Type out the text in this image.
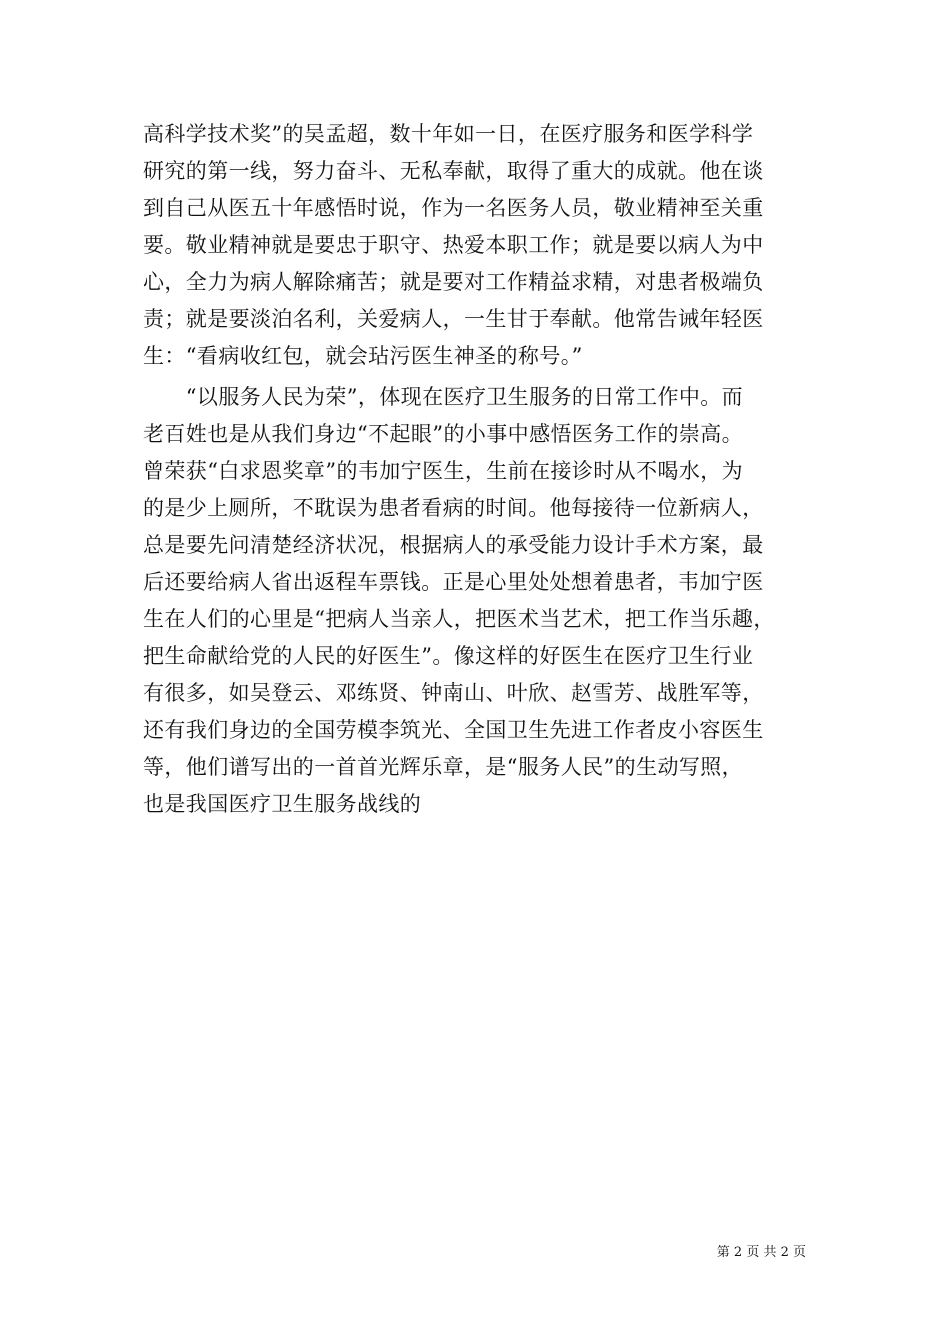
高科学技术奖”的吴孟超，数十年如一日，在医疗服务和医学科学
研究的第一线，努力奋斗、无私奉献，取得了重大的成就。他在谈
到自己从医五十年感悟时说，作为一名医务人员，敬业精神至关重
要。敬业精神就是要忠于职守、热爱本职工作；就是要以病人为中
心，全力为病人解除痛苦；就是要对工作精益求精，对患者极端负
责；就是要淡泊名利，关爱病人，一生甘于奉献。他常告诫年轻医
生：“看病收红包，就会玷污医生神圣的称号。”
　　“以服务人民为荣”，体现在医疗卫生服务的日常工作中。而
老百姓也是从我们身边“不起眼”的小事中感悟医务工作的崇高。
曾荣获“白求恩奖章”的韦加宁医生，生前在接诊时从不喝水，为
的是少上厕所，不耽误为患者看病的时间。他每接待一位新病人，
总是要先问清楚经济状况，根据病人的承受能力设计手术方案，最
后还要给病人省出返程车票钱。正是心里处处想着患者，韦加宁医
生在人们的心里是“把病人当亲人，把医术当艺术，把工作当乐趣，
把生命献给党的人民的好医生”。像这样的好医生在医疗卫生行业
有很多，如吴登云、邓练贤、钟南山、叶欣、赵雪芳、战胜军等，
还有我们身边的全国劳模李筑光、全国卫生先进工作者皮小容医生
等，他们谱写出的一首首光辉乐章，是“服务人民”的生动写照，
也是我国医疗卫生服务战线的
第 2 页 共 2 页
